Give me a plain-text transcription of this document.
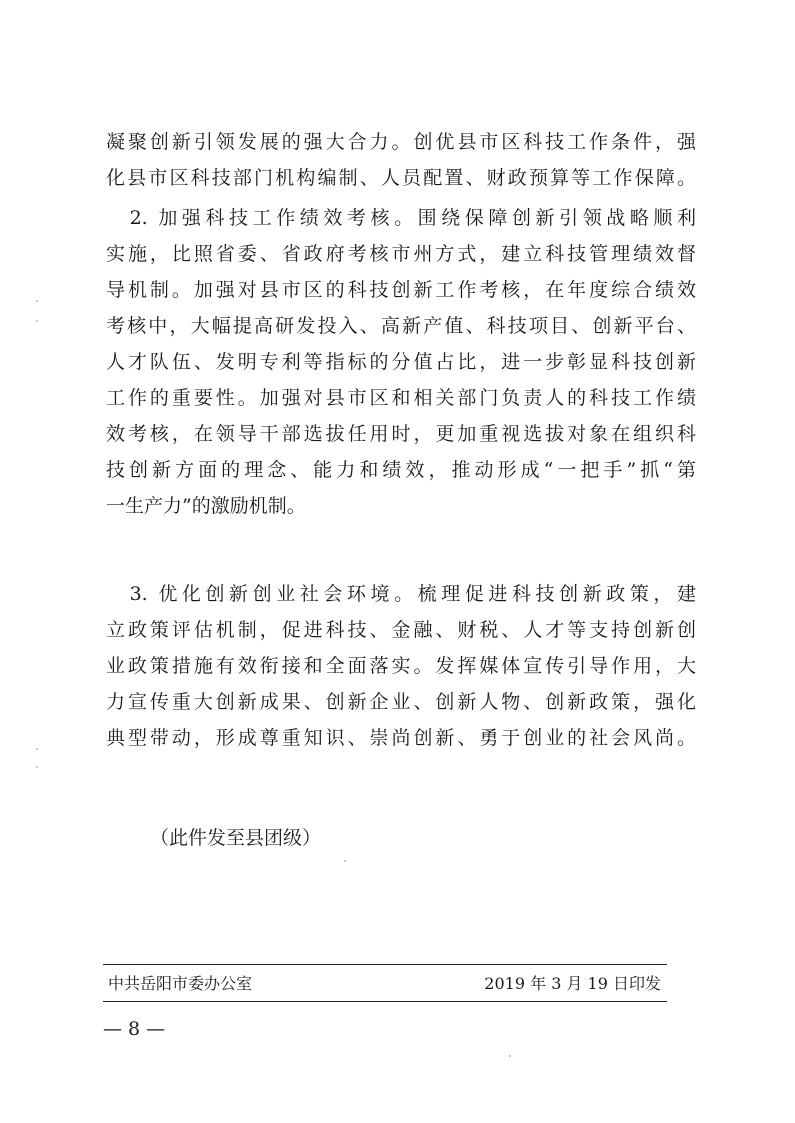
凝聚创新引领发展的强大合力。创优县市区科技工作条件，强
化县市区科技部门机构编制、人员配置、财政预算等工作保障。
　2. 加强科技工作绩效考核。围绕保障创新引领战略顺利
实施，比照省委、省政府考核市州方式，建立科技管理绩效督
导机制。加强对县市区的科技创新工作考核，在年度综合绩效
考核中，大幅提高研发投入、高新产值、科技项目、创新平台、
人才队伍、发明专利等指标的分值占比，进一步彰显科技创新
工作的重要性。加强对县市区和相关部门负责人的科技工作绩
效考核，在领导干部选拔任用时，更加重视选拔对象在组织科
技创新方面的理念、能力和绩效，推动形成“一把手”抓“第
一生产力”的激励机制。
　3. 优化创新创业社会环境。梳理促进科技创新政策，建
立政策评估机制，促进科技、金融、财税、人才等支持创新创
业政策措施有效衔接和全面落实。发挥媒体宣传引导作用，大
力宣传重大创新成果、创新企业、创新人物、创新政策，强化
典型带动，形成尊重知识、崇尚创新、勇于创业的社会风尚。
（此件发至县团级）
中共岳阳市委办公室	2019 年 3 月 19 日印发
— 8 —
